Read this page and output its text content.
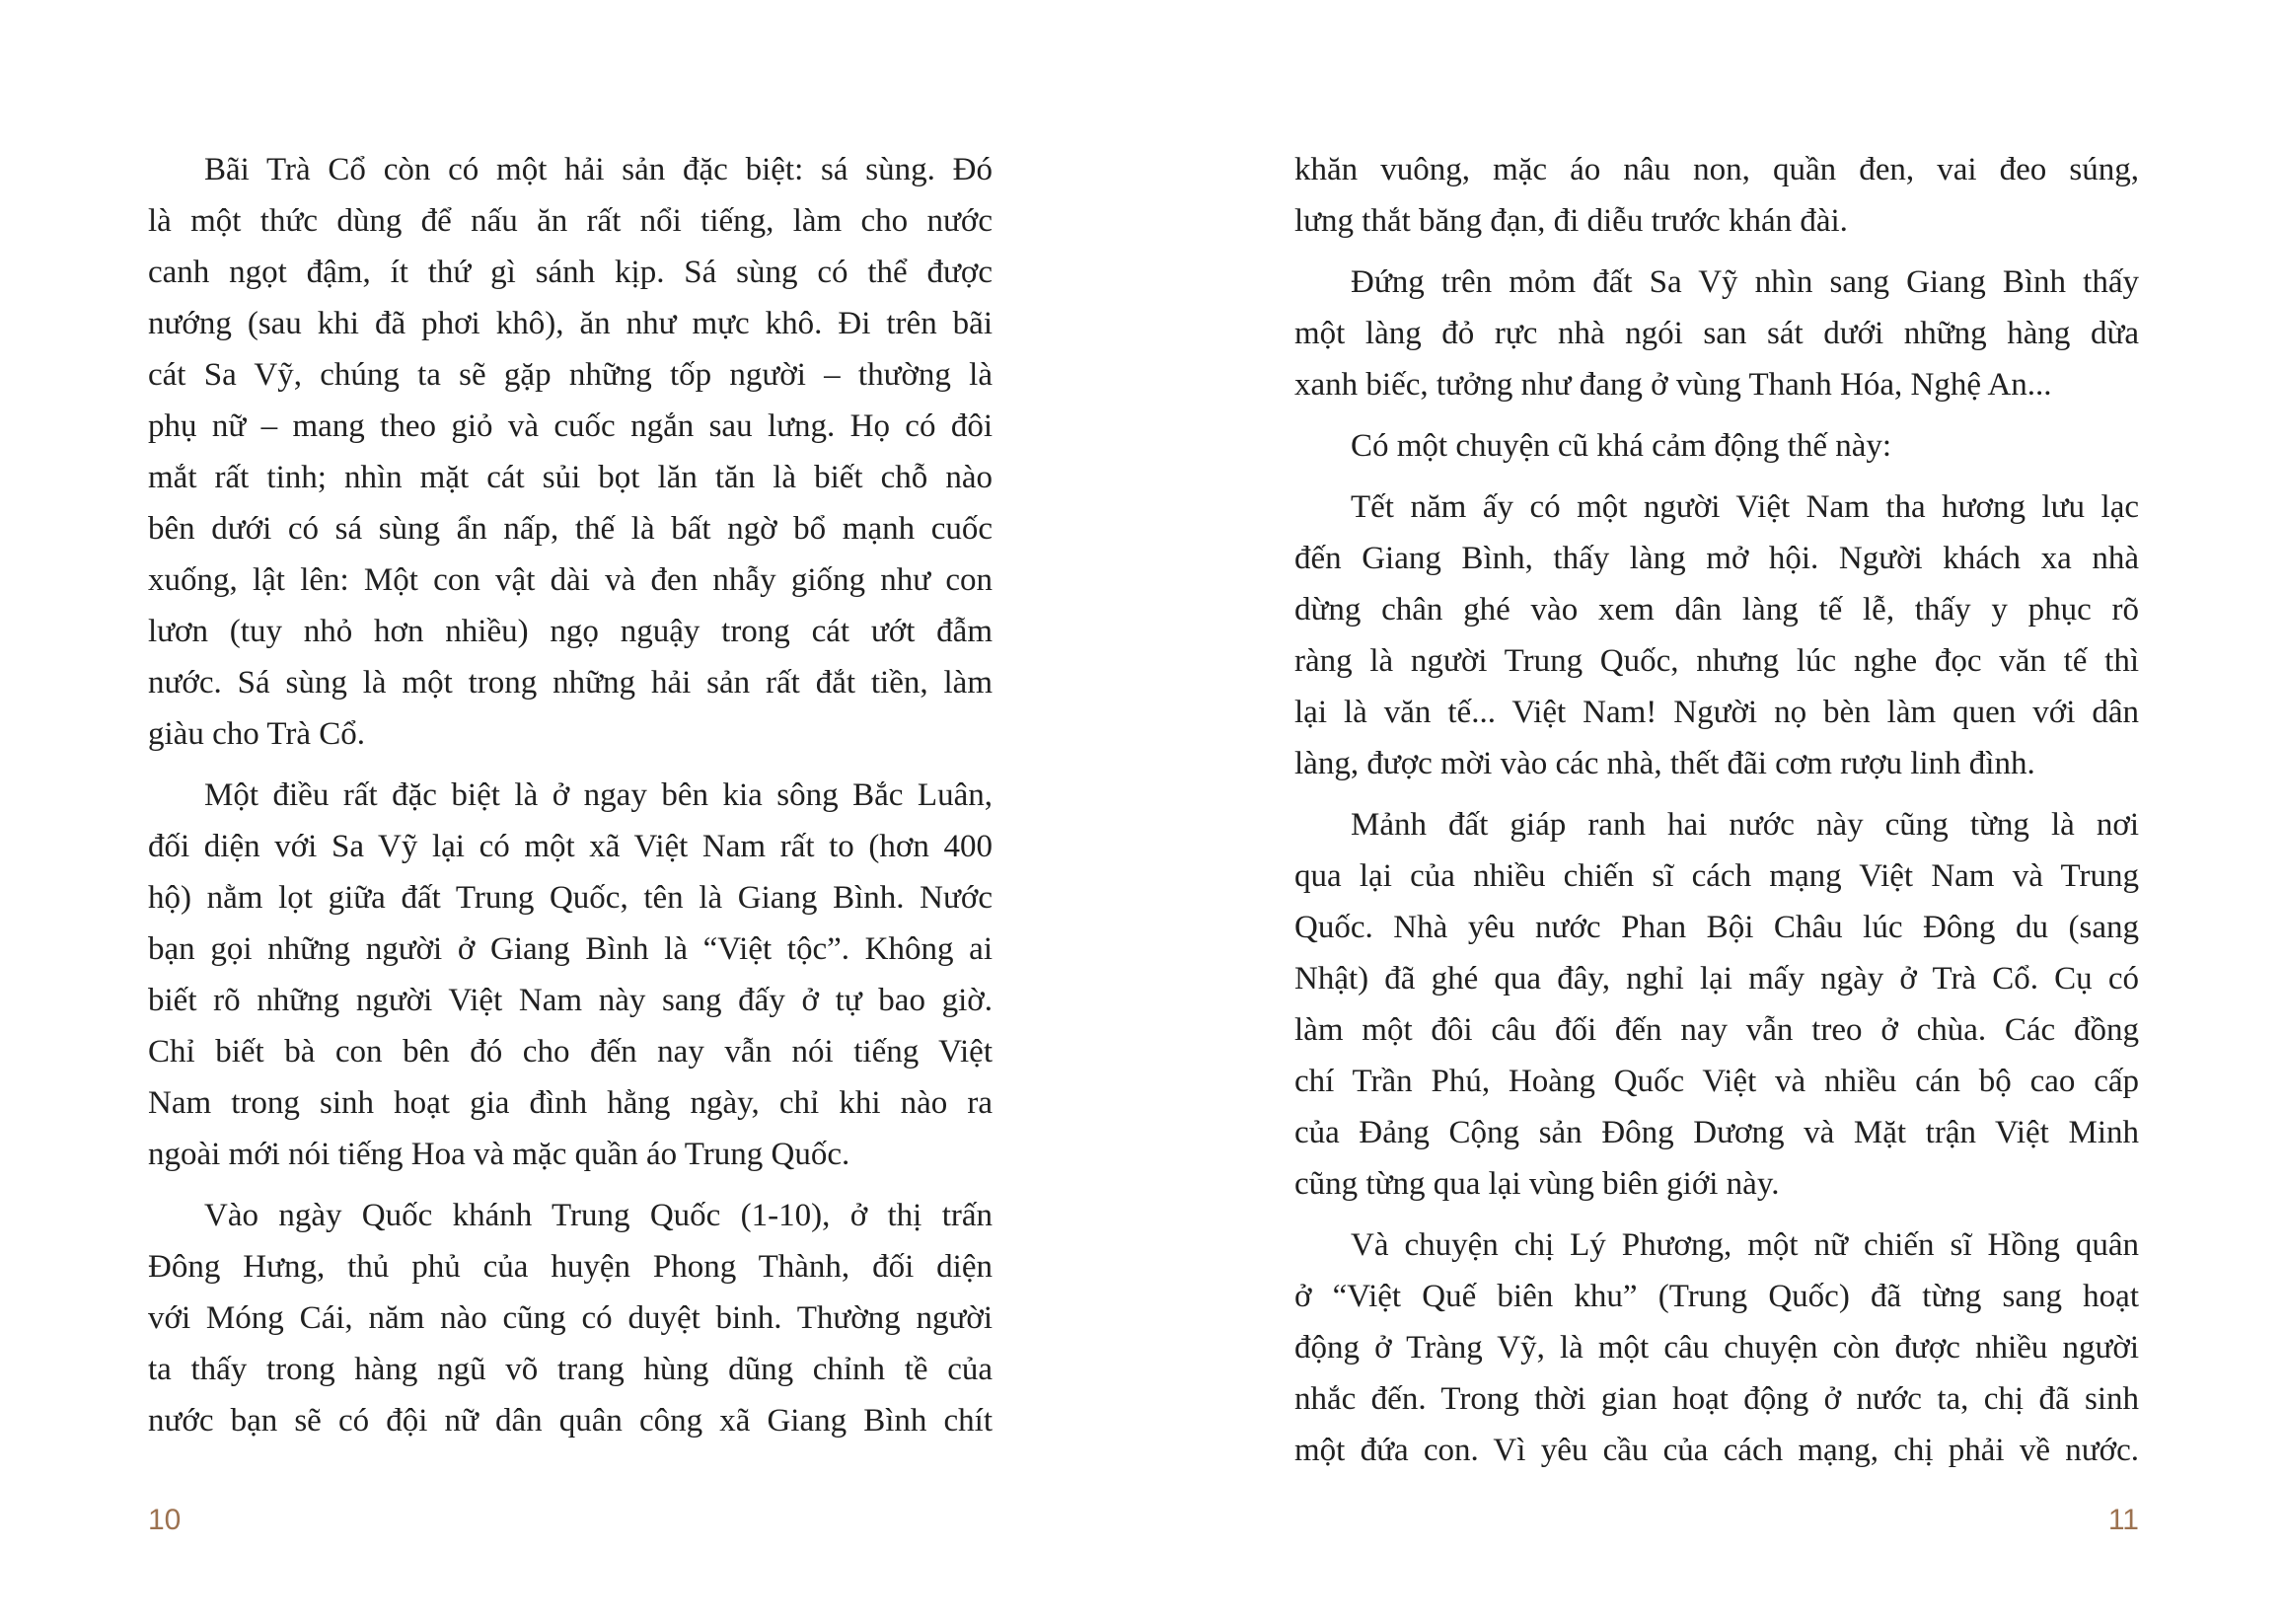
Bãi Trà Cổ còn có một hải sản đặc biệt: sá sùng. Đó
là một thức dùng để nấu ăn rất nổi tiếng, làm cho nước
canh ngọt đậm, ít thứ gì sánh kịp. Sá sùng có thể được
nướng (sau khi đã phơi khô), ăn như mực khô. Đi trên bãi
cát Sa Vỹ, chúng ta sẽ gặp những tốp người – thường là
phụ nữ – mang theo giỏ và cuốc ngắn sau lưng. Họ có đôi
mắt rất tinh; nhìn mặt cát sủi bọt lăn tăn là biết chỗ nào
bên dưới có sá sùng ẩn nấp, thế là bất ngờ bổ mạnh cuốc
xuống, lật lên: Một con vật dài và đen nhẫy giống như con
lươn (tuy nhỏ hơn nhiều) ngọ nguậy trong cát ướt đẫm
nước. Sá sùng là một trong những hải sản rất đắt tiền, làm
giàu cho Trà Cổ.
Một điều rất đặc biệt là ở ngay bên kia sông Bắc Luân,
đối diện với Sa Vỹ lại có một xã Việt Nam rất to (hơn 400
hộ) nằm lọt giữa đất Trung Quốc, tên là Giang Bình. Nước
bạn gọi những người ở Giang Bình là “Việt tộc”. Không ai
biết rõ những người Việt Nam này sang đấy ở tự bao giờ.
Chỉ biết bà con bên đó cho đến nay vẫn nói tiếng Việt
Nam trong sinh hoạt gia đình hằng ngày, chỉ khi nào ra
ngoài mới nói tiếng Hoa và mặc quần áo Trung Quốc.
Vào ngày Quốc khánh Trung Quốc (1-10), ở thị trấn
Đông Hưng, thủ phủ của huyện Phong Thành, đối diện
với Móng Cái, năm nào cũng có duyệt binh. Thường người
ta thấy trong hàng ngũ võ trang hùng dũng chỉnh tề của
nước bạn sẽ có đội nữ dân quân công xã Giang Bình chít
10
khăn vuông, mặc áo nâu non, quần đen, vai đeo súng,
lưng thắt băng đạn, đi diễu trước khán đài.
Đứng trên mỏm đất Sa Vỹ nhìn sang Giang Bình thấy
một làng đỏ rực nhà ngói san sát dưới những hàng dừa
xanh biếc, tưởng như đang ở vùng Thanh Hóa, Nghệ An...
Có một chuyện cũ khá cảm động thế này:
Tết năm ấy có một người Việt Nam tha hương lưu lạc
đến Giang Bình, thấy làng mở hội. Người khách xa nhà
dừng chân ghé vào xem dân làng tế lễ, thấy y phục rõ
ràng là người Trung Quốc, nhưng lúc nghe đọc văn tế thì
lại là văn tế... Việt Nam! Người nọ bèn làm quen với dân
làng, được mời vào các nhà, thết đãi cơm rượu linh đình.
Mảnh đất giáp ranh hai nước này cũng từng là nơi
qua lại của nhiều chiến sĩ cách mạng Việt Nam và Trung
Quốc. Nhà yêu nước Phan Bội Châu lúc Đông du (sang
Nhật) đã ghé qua đây, nghỉ lại mấy ngày ở Trà Cổ. Cụ có
làm một đôi câu đối đến nay vẫn treo ở chùa. Các đồng
chí Trần Phú, Hoàng Quốc Việt và nhiều cán bộ cao cấp
của Đảng Cộng sản Đông Dương và Mặt trận Việt Minh
cũng từng qua lại vùng biên giới này.
Và chuyện chị Lý Phương, một nữ chiến sĩ Hồng quân
ở “Việt Quế biên khu” (Trung Quốc) đã từng sang hoạt
động ở Tràng Vỹ, là một câu chuyện còn được nhiều người
nhắc đến. Trong thời gian hoạt động ở nước ta, chị đã sinh
một đứa con. Vì yêu cầu của cách mạng, chị phải về nước.
11
